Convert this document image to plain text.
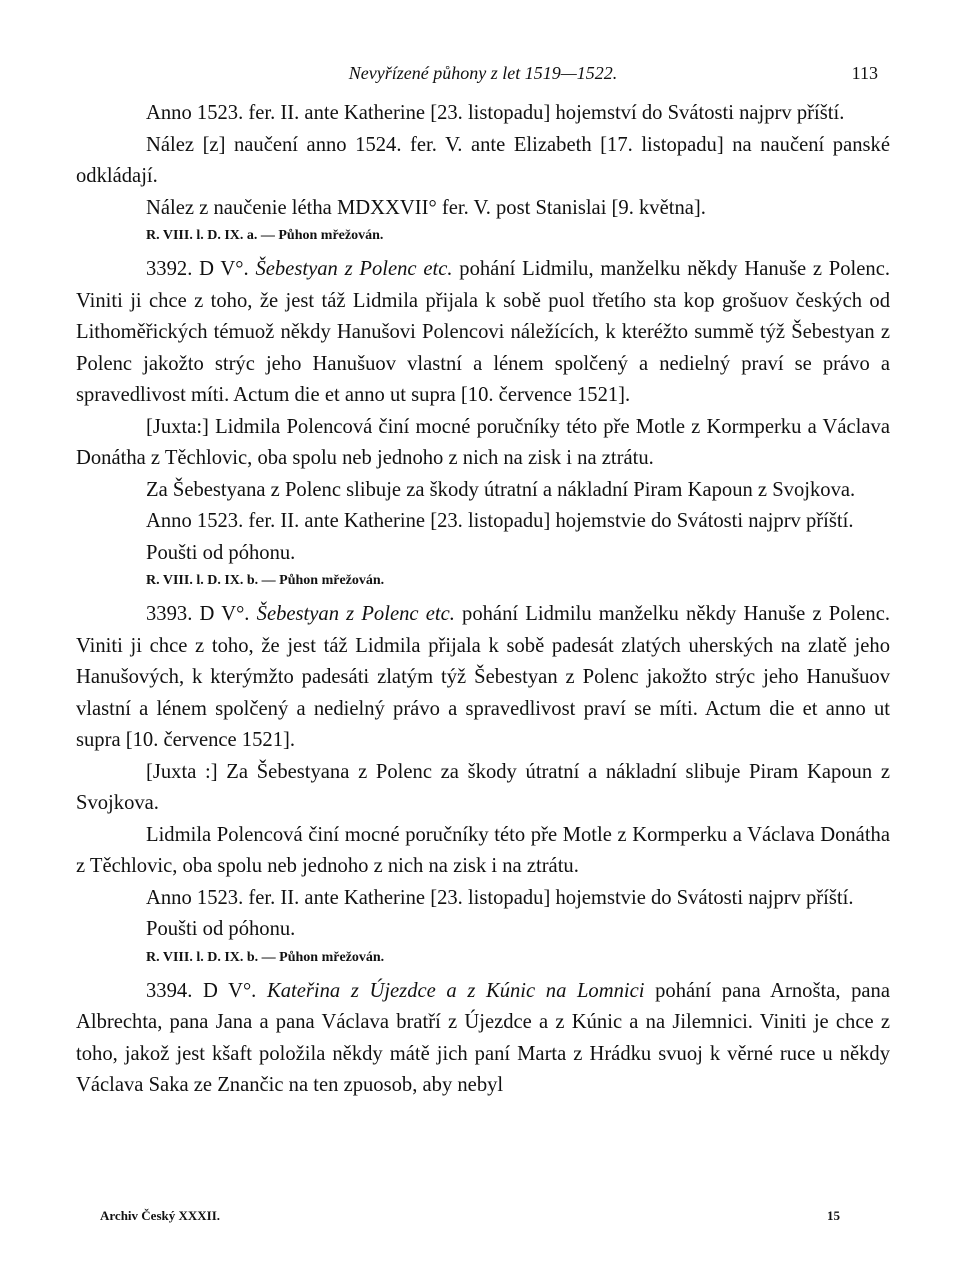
Nevyřízené půhony z let 1519—1522.	113

Anno 1523. fer. II. ante Katherine [23. listopadu] hojemství do Svátosti najprv příští.

Nález [z] naučení anno 1524. fer. V. ante Elizabeth [17. listopadu] na naučení panské odkládají.

Nález z naučenie létha MDXXVII° fer. V. post Stanislai [9. května].

R. VIII. l. D. IX. a. — Půhon mřežován.

3392. D V°. Šebestyan z Polenc etc. pohání Lidmilu, manželku někdy Hanuše z Polenc. Viniti ji chce z toho, že jest táž Lidmila přijala k sobě puol třetího sta kop grošuov českých od Lithoměřických témuož někdy Hanušovi Polencovi náležících, k kteréžto summě týž Šebestyan z Polenc jakožto strýc jeho Hanušuov vlastní a lénem spolčený a nedielný praví se právo a spravedlivost míti. Actum die et anno ut supra [10. července 1521].

[Juxta:] Lidmila Polencová činí mocné poručníky této pře Motle z Kormperku a Václava Donátha z Těchlovic, oba spolu neb jednoho z nich na zisk i na ztrátu.

Za Šebestyana z Polenc slibuje za škody útratní a nákladní Piram Kapoun z Svojkova.

Anno 1523. fer. II. ante Katherine [23. listopadu] hojemstvie do Svátosti najprv příští.

Poušti od póhonu.

R. VIII. l. D. IX. b. — Půhon mřežován.

3393. D V°. Šebestyan z Polenc etc. pohání Lidmilu manželku někdy Hanuše z Polenc. Viniti ji chce z toho, že jest táž Lidmila přijala k sobě padesát zlatých uherských na zlatě jeho Hanušových, k kterýmžto padesáti zlatým týž Šebestyan z Polenc jakožto strýc jeho Hanušuov vlastní a lénem spolčený a nedielný právo a spravedlivost praví se míti. Actum die et anno ut supra [10. července 1521].

[Juxta :] Za Šebestyana z Polenc za škody útratní a nákladní slibuje Piram Kapoun z Svojkova.

Lidmila Polencová činí mocné poručníky této pře Motle z Kormperku a Václava Donátha z Těchlovic, oba spolu neb jednoho z nich na zisk i na ztrátu.

Anno 1523. fer. II. ante Katherine [23. listopadu] hojemstvie do Svátosti najprv příští.

Poušti od póhonu.

R. VIII. l. D. IX. b. — Půhon mřežován.

3394. D V°. Kateřina z Újezdce a z Kúnic na Lomnici pohání pana Arnošta, pana Albrechta, pana Jana a pana Václava bratří z Újezdce a z Kúnic a na Jilemnici. Viniti je chce z toho, jakož jest kšaft položila někdy mátě jich paní Marta z Hrádku svuoj k věrné ruce u někdy Václava Saka ze Znančic na ten zpuosob, aby nebyl

Archiv Český XXXII.	15
